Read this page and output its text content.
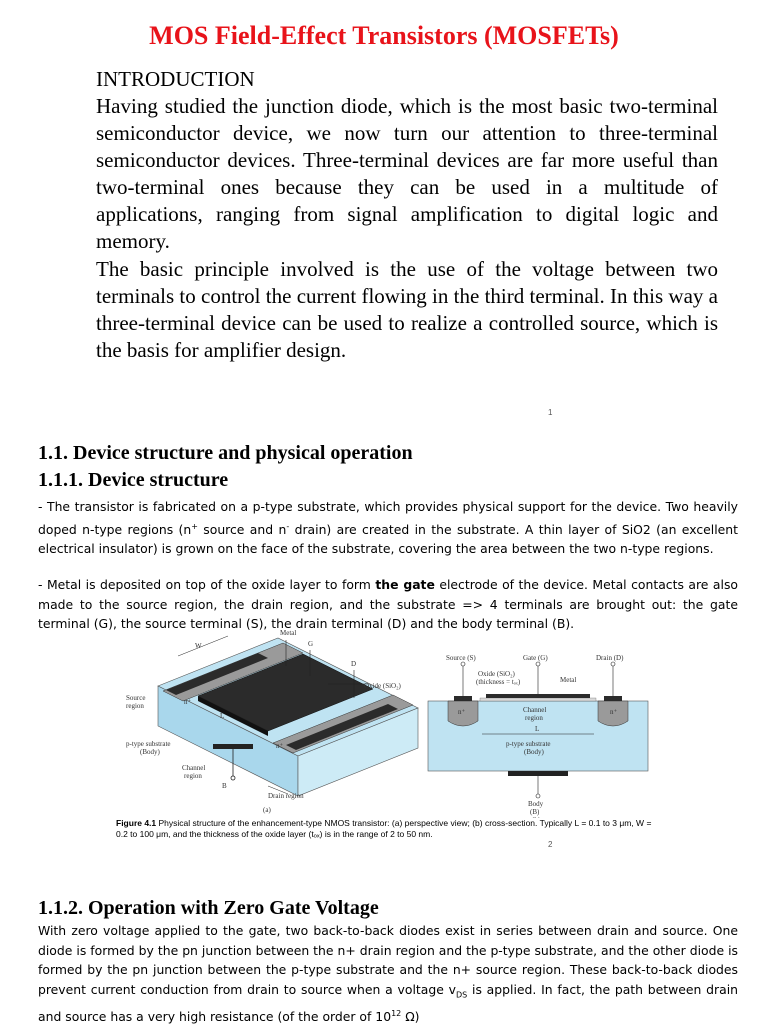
MOS Field-Effect Transistors (MOSFETs)
INTRODUCTION
Having studied the junction diode, which is the most basic two-terminal semiconductor device, we now turn our attention to three-terminal semiconductor devices. Three-terminal devices are far more useful than two-terminal ones because they can be used in a multitude of applications, ranging from signal amplification to digital logic and memory.
The basic principle involved is the use of the voltage between two terminals to control the current flowing in the third terminal. In this way a three-terminal device can be used to realize a controlled source, which is the basis for amplifier design.
1
1.1. Device structure and physical operation
1.1.1. Device structure
- The transistor is fabricated on a p-type substrate, which provides physical support for the device. Two heavily doped n-type regions (n+ source and n- drain) are created in the substrate. A thin layer of SiO2 (an excellent electrical insulator) is grown on the face of the substrate, covering the area between the two n-type regions.
- Metal is deposited on top of the oxide layer to form the gate electrode of the device. Metal contacts are also made to the source region, the drain region, and the substrate => 4 terminals are brought out: the gate terminal (G), the source terminal (S), the drain terminal (D) and the body terminal (B).
W
Metal
G
D
Oxide (SiO₂)
Source
region
p-type substrate
(Body)
Channel
region
L
B
Drain region
n⁺
n⁺
(a)
Source (S)	Gate (G)	Drain (D)
Oxide (SiO₂)
(thickness = tₒₓ)	Metal
n⁺	Channel
region
n⁺
L
p-type substrate
(Body)
Body
(B)
Figure 4.1 Physical structure of the enhancement-type NMOS transistor: (a) perspective view; (b) cross-section. Typically L = 0.1 to 3 μm, W = 0.2 to 100 μm, and the thickness of the oxide layer (tₒₓ) is in the range of 2 to 50 nm.
2
1.1.2. Operation with Zero Gate Voltage
With zero voltage applied to the gate, two back-to-back diodes exist in series between drain and source. One diode is formed by the pn junction between the n+ drain region and the p-type substrate, and the other diode is formed by the pn junction between the p-type substrate and the n+ source region. These back-to-back diodes prevent current conduction from drain to source when a voltage $v_{DS}$ is applied. In fact, the path between drain and source has a very high resistance (of the order of $10^{12}$ Ω)
